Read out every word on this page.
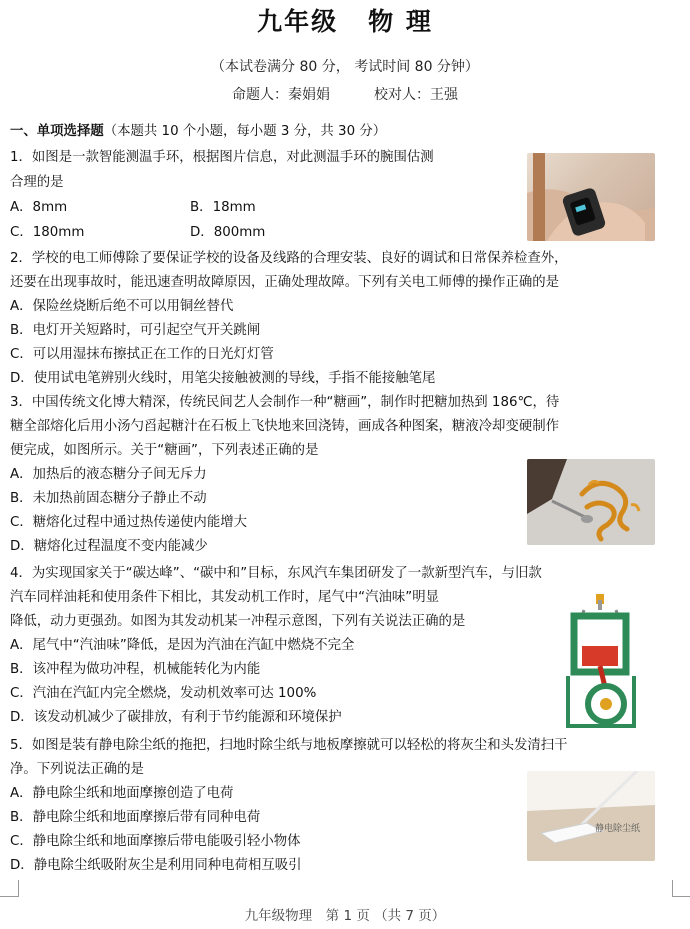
九年级 物 理
（本试卷满分 80 分， 考试时间 80 分钟）
命题人：秦娟娟	校对人：王强
一、单项选择题（本题共 10 个小题，每小题 3 分，共 30 分）
1．如图是一款智能测温手环，根据图片信息，对此测温手环的腕围估测
合理的是
A．8mm	B．18mm
C．180mm	D．800mm
2．学校的电工师傅除了要保证学校的设备及线路的合理安装、良好的调试和日常保养检查外，
还要在出现事故时，能迅速查明故障原因，正确处理故障。下列有关电工师傅的操作正确的是
A．保险丝烧断后绝不可以用铜丝替代
B．电灯开关短路时，可引起空气开关跳闸
C．可以用湿抹布擦拭正在工作的日光灯灯管
D．使用试电笔辨别火线时，用笔尖接触被测的导线，手指不能接触笔尾
3．中国传统文化博大精深，传统民间艺人会制作一种“糖画”，制作时把糖加热到 186℃，待
糖全部熔化后用小汤勺舀起糖汁在石板上飞快地来回浇铸，画成各种图案，糖液冷却变硬制作
便完成，如图所示。关于“糖画”，下列表述正确的是
A．加热后的液态糖分子间无斥力
B．未加热前固态糖分子静止不动
C．糖熔化过程中通过热传递使内能增大
D．糖熔化过程温度不变内能减少
4．为实现国家关于“碳达峰”、“碳中和”目标，东风汽车集团研发了一款新型汽车，与旧款
汽车同样油耗和使用条件下相比，其发动机工作时，尾气中“汽油味”明显
降低，动力更强劲。如图为其发动机某一冲程示意图，下列有关说法正确的是
A．尾气中“汽油味”降低，是因为汽油在汽缸中燃烧不完全
B．该冲程为做功冲程，机械能转化为内能
C．汽油在汽缸内完全燃烧，发动机效率可达 100%
D．该发动机减少了碳排放，有利于节约能源和环境保护
5．如图是装有静电除尘纸的拖把，扫地时除尘纸与地板摩擦就可以轻松的将灰尘和头发清扫干
净。下列说法正确的是
A．静电除尘纸和地面摩擦创造了电荷
B．静电除尘纸和地面摩擦后带有同种电荷
C．静电除尘纸和地面摩擦后带电能吸引轻小物体
D．静电除尘纸吸附灰尘是利用同种电荷相互吸引
静电除尘纸
九年级物理　第 1 页 （共 7 页）
